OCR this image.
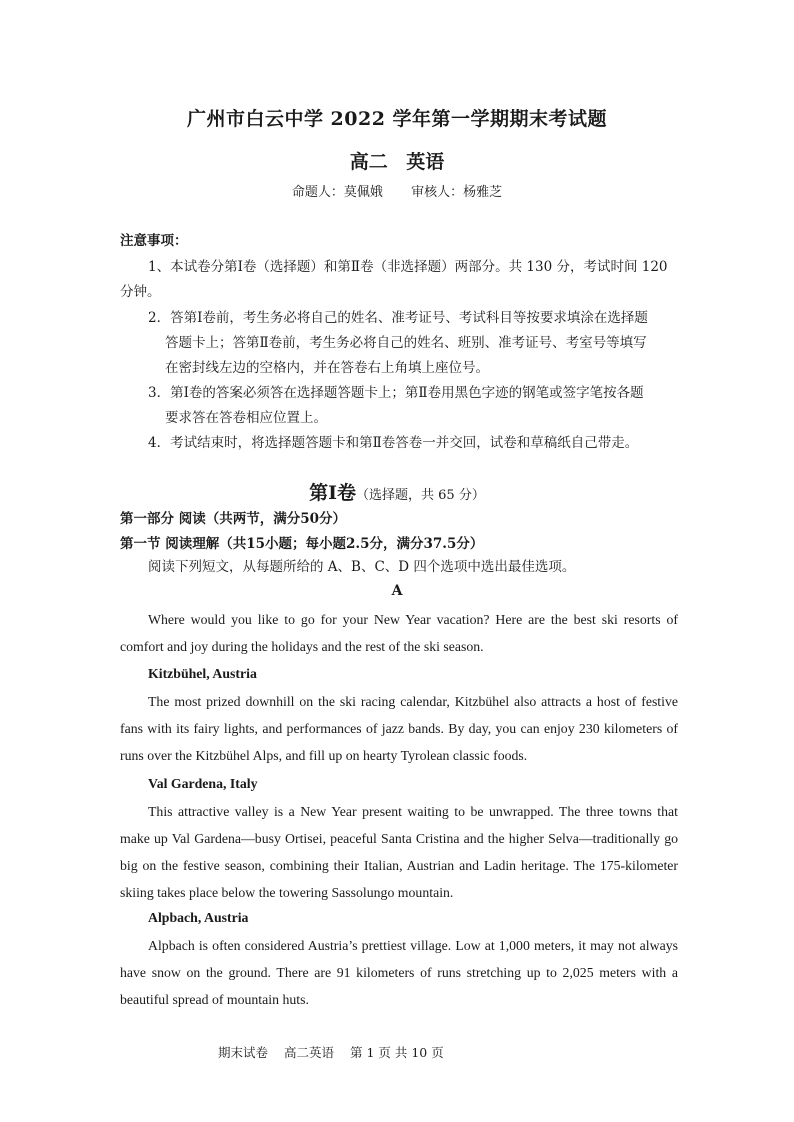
广州市白云中学 2022 学年第一学期期末考试题
高二 英语
命题人：莫佩娥 审核人：杨雅芝
注意事项：
1、本试卷分第Ⅰ卷（选择题）和第Ⅱ卷（非选择题）两部分。共 130 分，考试时间 120
分钟。
2．答第Ⅰ卷前，考生务必将自己的姓名、准考证号、考试科目等按要求填涂在选择题
答题卡上；答第Ⅱ卷前，考生务必将自己的姓名、班别、准考证号、考室号等填写
在密封线左边的空格内，并在答卷右上角填上座位号。
3．第Ⅰ卷的答案必须答在选择题答题卡上；第Ⅱ卷用黑色字迹的钢笔或签字笔按各题
要求答在答卷相应位置上。
4．考试结束时，将选择题答题卡和第Ⅱ卷答卷一并交回，试卷和草稿纸自己带走。
第Ⅰ卷（选择题，共 65 分）
第一部分 阅读（共两节，满分50分）
第一节 阅读理解（共15小题；每小题2.5分，满分37.5分）
阅读下列短文，从每题所给的 A、B、C、D 四个选项中选出最佳选项。
A

Where would you like to go for your New Year vacation? Here are the best ski resorts of comfort and joy during the holidays and the rest of the ski season.

Kitzbühel, Austria

The most prized downhill on the ski racing calendar, Kitzbühel also attracts a host of festive fans with its fairy lights, and performances of jazz bands. By day, you can enjoy 230 kilometers of runs over the Kitzbühel Alps, and fill up on hearty Tyrolean classic foods.

Val Gardena, Italy

This attractive valley is a New Year present waiting to be unwrapped. The three towns that make up Val Gardena—busy Ortisei, peaceful Santa Cristina and the higher Selva—traditionally go big on the festive season, combining their Italian, Austrian and Ladin heritage. The 175-kilometer skiing takes place below the towering Sassolungo mountain.

Alpbach, Austria

Alpbach is often considered Austria’s prettiest village. Low at 1,000 meters, it may not always have snow on the ground. There are 91 kilometers of runs stretching up to 2,025 meters with a beautiful spread of mountain huts.

期末试卷 高二英语 第 1 页 共 10 页
